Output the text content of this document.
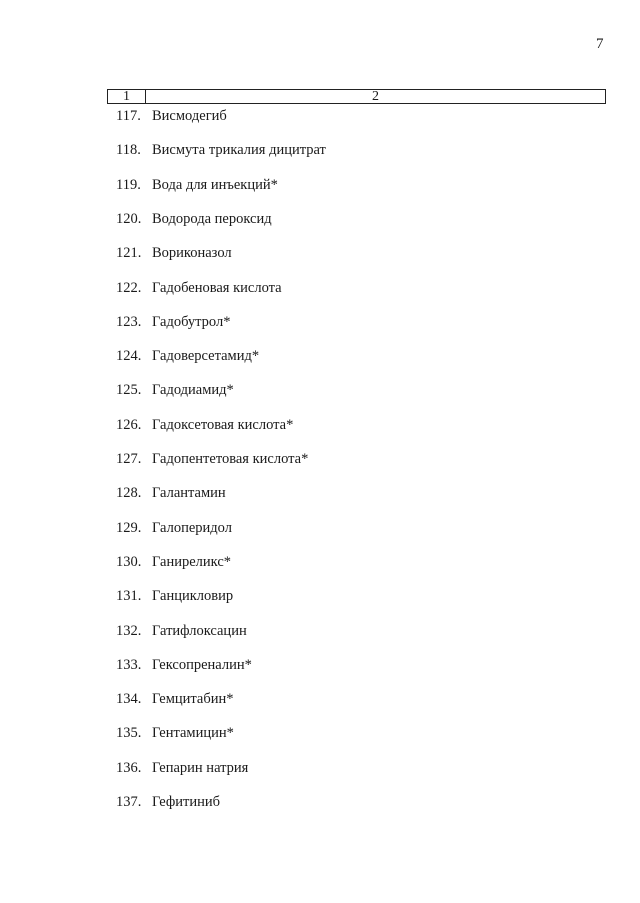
7
1	2
117. Висмодегиб
118. Висмута трикалия дицитрат
119. Вода для инъекций*
120. Водорода пероксид
121. Вориконазол
122. Гадобеновая кислота
123. Гадобутрол*
124. Гадоверсетамид*
125. Гадодиамид*
126. Гадоксетовая кислота*
127. Гадопентетовая кислота*
128. Галантамин
129. Галоперидол
130. Ганиреликс*
131. Ганцикловир
132. Гатифлоксацин
133. Гексопреналин*
134. Гемцитабин*
135. Гентамицин*
136. Гепарин натрия
137. Гефитиниб
